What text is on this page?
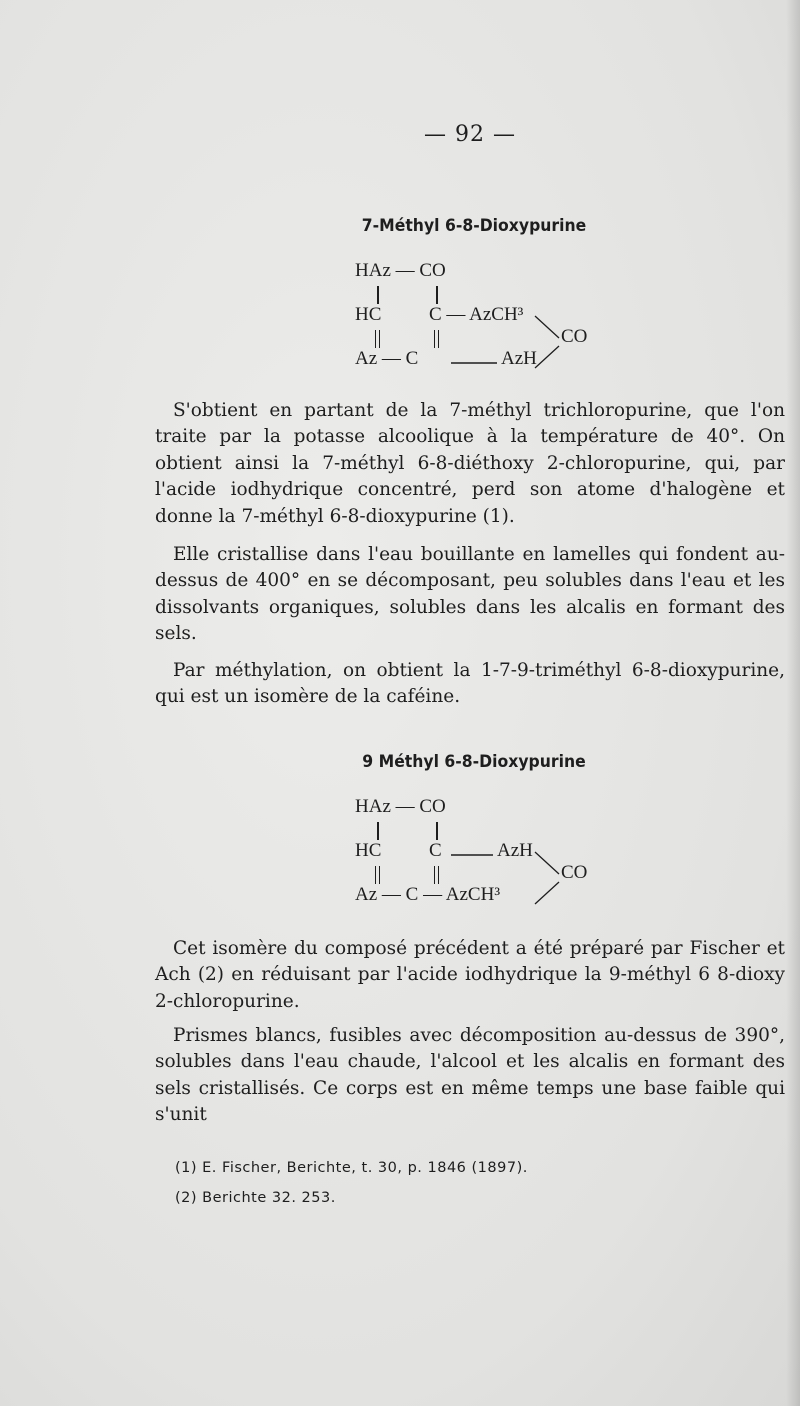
— 92 —
7-Méthyl 6-8-Dioxypurine
HAz — CO
HC	C — AzCH³
Az — C	AzH
CO

S'obtient en partant de la 7-méthyl trichloropurine, que l'on traite par la potasse alcoolique à la température de 40°. On obtient ainsi la 7-méthyl 6-8-diéthoxy 2-chloropurine, qui, par l'acide iodhydrique concentré, perd son atome d'halogène et donne la 7-méthyl 6-8-dioxypurine (1).

Elle cristallise dans l'eau bouillante en lamelles qui fondent au-dessus de 400° en se décomposant, peu solubles dans l'eau et les dissolvants organiques, solubles dans les alcalis en formant des sels.

Par méthylation, on obtient la 1-7-9-triméthyl 6-8-dioxypurine, qui est un isomère de la caféine.

9 Méthyl 6-8-Dioxypurine
HAz — CO
HC	C	AzH
Az — C — AzCH³
CO

Cet isomère du composé précédent a été préparé par Fischer et Ach (2) en réduisant par l'acide iodhydrique la 9-méthyl 6 8-dioxy 2-chloropurine.

Prismes blancs, fusibles avec décomposition au-dessus de 390°, solubles dans l'eau chaude, l'alcool et les alcalis en formant des sels cristallisés. Ce corps est en même temps une base faible qui s'unit

(1) E. Fischer, Berichte, t. 30, p. 1846 (1897).
(2) Berichte 32. 253.
